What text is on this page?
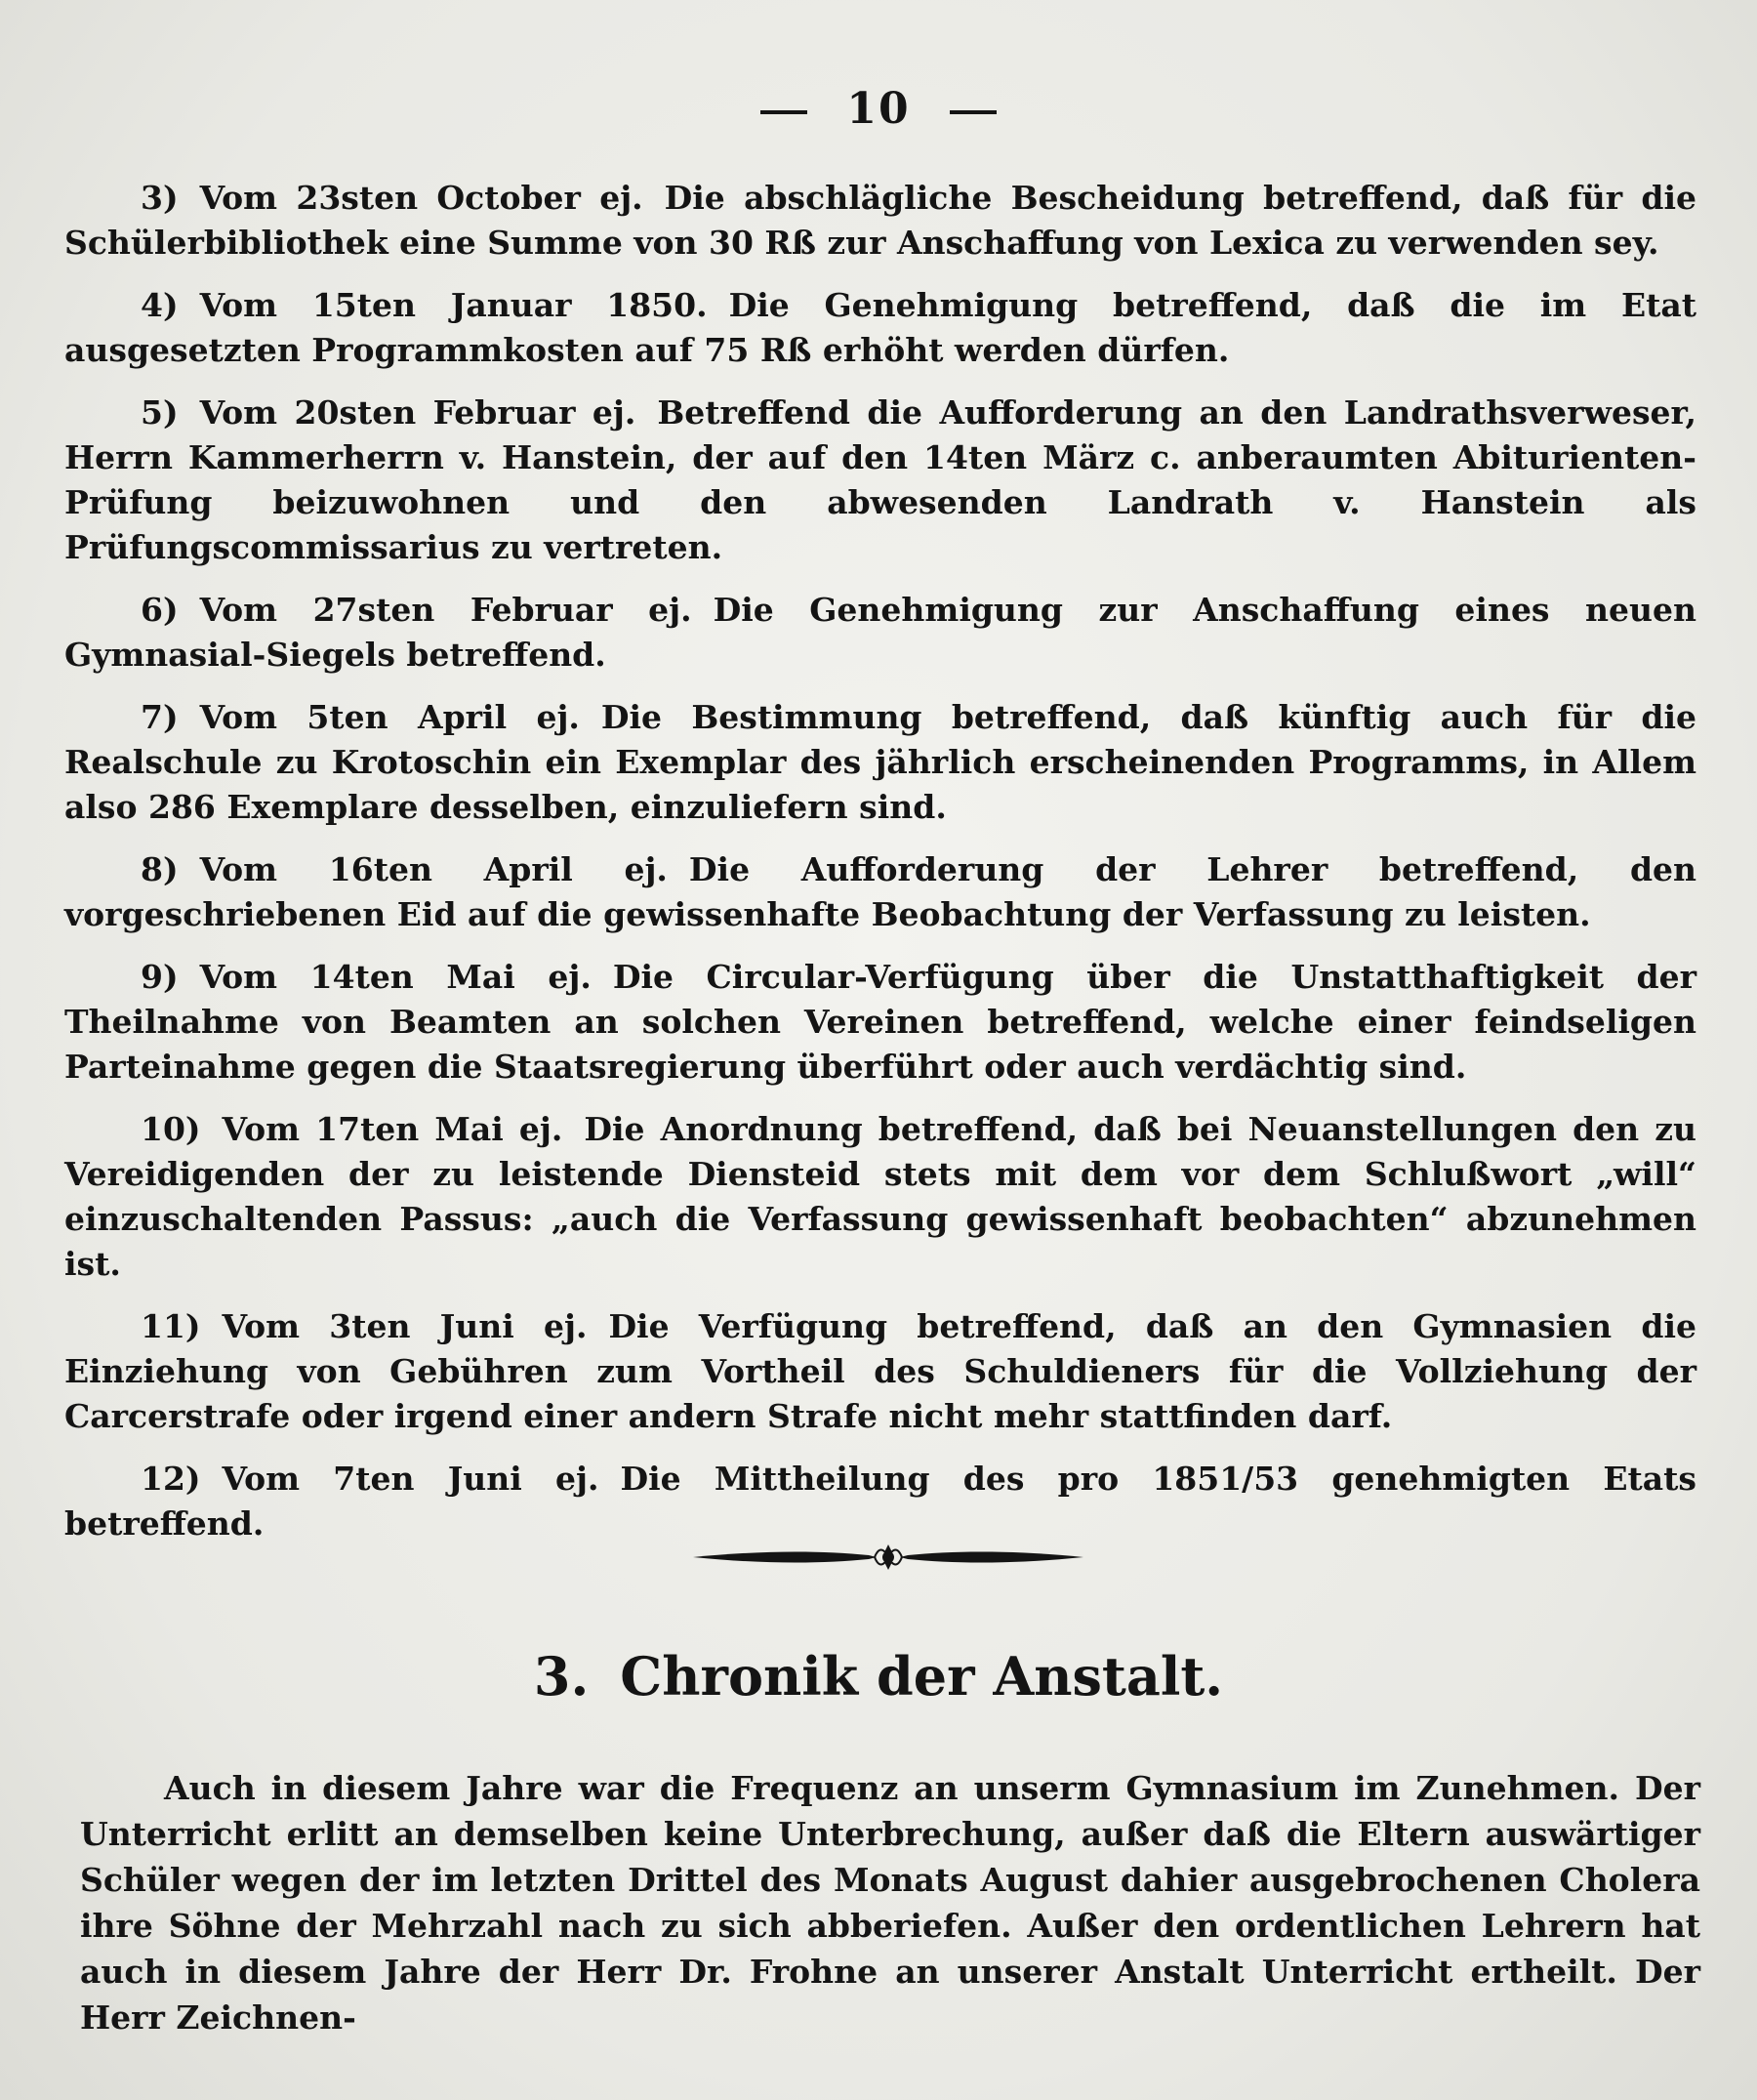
10

3) Vom 23sten October ej. Die abschlägliche Bescheidung betreffend, daß für die Schülerbibliothek eine Summe von 30 Rß zur Anschaffung von Lexica zu verwenden sey.

4) Vom 15ten Januar 1850. Die Genehmigung betreffend, daß die im Etat ausgesetzten Programmkosten auf 75 Rß erhöht werden dürfen.

5) Vom 20sten Februar ej. Betreffend die Aufforderung an den Landrathsverweser, Herrn Kammerherrn v. Hanstein, der auf den 14ten März c. anberaumten Abiturienten-Prüfung beizuwohnen und den abwesenden Landrath v. Hanstein als Prüfungscommissarius zu vertreten.

6) Vom 27sten Februar ej. Die Genehmigung zur Anschaffung eines neuen Gymnasial-Siegels betreffend.

7) Vom 5ten April ej. Die Bestimmung betreffend, daß künftig auch für die Realschule zu Krotoschin ein Exemplar des jährlich erscheinenden Programms, in Allem also 286 Exemplare desselben, einzuliefern sind.

8) Vom 16ten April ej. Die Aufforderung der Lehrer betreffend, den vorgeschriebenen Eid auf die gewissenhafte Beobachtung der Verfassung zu leisten.

9) Vom 14ten Mai ej. Die Circular-Verfügung über die Unstatthaftigkeit der Theilnahme von Beamten an solchen Vereinen betreffend, welche einer feindseligen Parteinahme gegen die Staatsregierung überführt oder auch verdächtig sind.

10) Vom 17ten Mai ej. Die Anordnung betreffend, daß bei Neuanstellungen den zu Vereidigenden der zu leistende Diensteid stets mit dem vor dem Schlußwort „will“ einzuschaltenden Passus: „auch die Verfassung gewissenhaft beobachten“ abzunehmen ist.

11) Vom 3ten Juni ej. Die Verfügung betreffend, daß an den Gymnasien die Einziehung von Gebühren zum Vortheil des Schuldieners für die Vollziehung der Carcerstrafe oder irgend einer andern Strafe nicht mehr stattfinden darf.

12) Vom 7ten Juni ej. Die Mittheilung des pro 1851/53 genehmigten Etats betreffend.

3. Chronik der Anstalt.

Auch in diesem Jahre war die Frequenz an unserm Gymnasium im Zunehmen. Der Unterricht erlitt an demselben keine Unterbrechung, außer daß die Eltern auswärtiger Schüler wegen der im letzten Drittel des Monats August dahier ausgebrochenen Cholera ihre Söhne der Mehrzahl nach zu sich abberiefen. Außer den ordentlichen Lehrern hat auch in diesem Jahre der Herr Dr. Frohne an unserer Anstalt Unterricht ertheilt. Der Herr Zeichnen-
